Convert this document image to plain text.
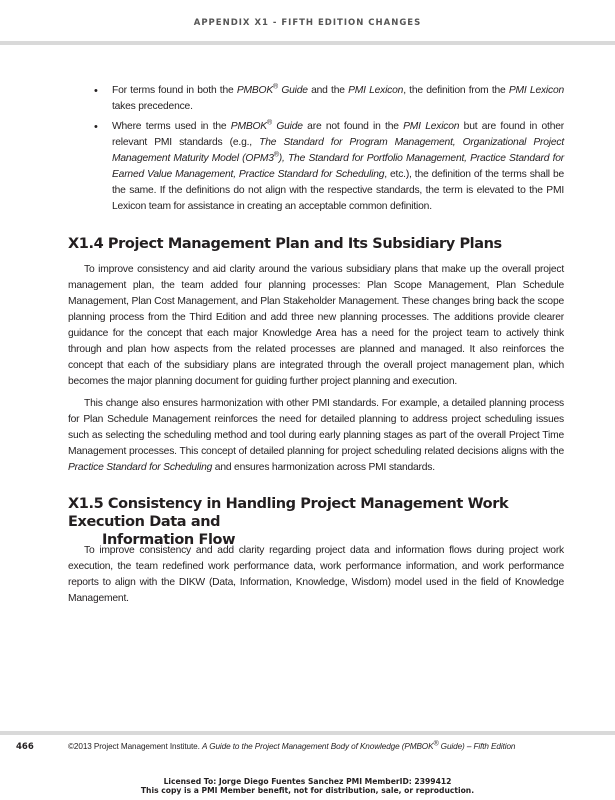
APPENDIX X1 - FIFTH EDITION CHANGES
• For terms found in both the PMBOK® Guide and the PMI Lexicon, the definition from the PMI Lexicon takes precedence.
• Where terms used in the PMBOK® Guide are not found in the PMI Lexicon but are found in other relevant PMI standards (e.g., The Standard for Program Management, Organizational Project Management Maturity Model (OPM3®), The Standard for Portfolio Management, Practice Standard for Earned Value Management, Practice Standard for Scheduling, etc.), the definition of the terms shall be the same. If the definitions do not align with the respective standards, the term is elevated to the PMI Lexicon team for assistance in creating an acceptable common definition.
X1.4 Project Management Plan and Its Subsidiary Plans

To improve consistency and aid clarity around the various subsidiary plans that make up the overall project management plan, the team added four planning processes: Plan Scope Management, Plan Schedule Management, Plan Cost Management, and Plan Stakeholder Management. These changes bring back the scope planning process from the Third Edition and add three new planning processes. The additions provide clearer guidance for the concept that each major Knowledge Area has a need for the project team to actively think through and plan how aspects from the related processes are planned and managed. It also reinforces the concept that each of the subsidiary plans are integrated through the overall project management plan, which becomes the major planning document for guiding further project planning and execution.

This change also ensures harmonization with other PMI standards. For example, a detailed planning process for Plan Schedule Management reinforces the need for detailed planning to address project scheduling issues such as selecting the scheduling method and tool during early planning stages as part of the overall Project Time Management processes. This concept of detailed planning for project scheduling related decisions aligns with the Practice Standard for Scheduling and ensures harmonization across PMI standards.

X1.5 Consistency in Handling Project Management Work Execution Data and
Information Flow

To improve consistency and add clarity regarding project data and information flows during project work execution, the team redefined work performance data, work performance information, and work performance reports to align with the DIKW (Data, Information, Knowledge, Wisdom) model used in the field of Knowledge Management.

466	©2013 Project Management Institute. A Guide to the Project Management Body of Knowledge (PMBOK® Guide) – Fifth Edition
Licensed To: Jorge Diego Fuentes Sanchez PMI MemberID: 2399412
This copy is a PMI Member benefit, not for distribution, sale, or reproduction.
